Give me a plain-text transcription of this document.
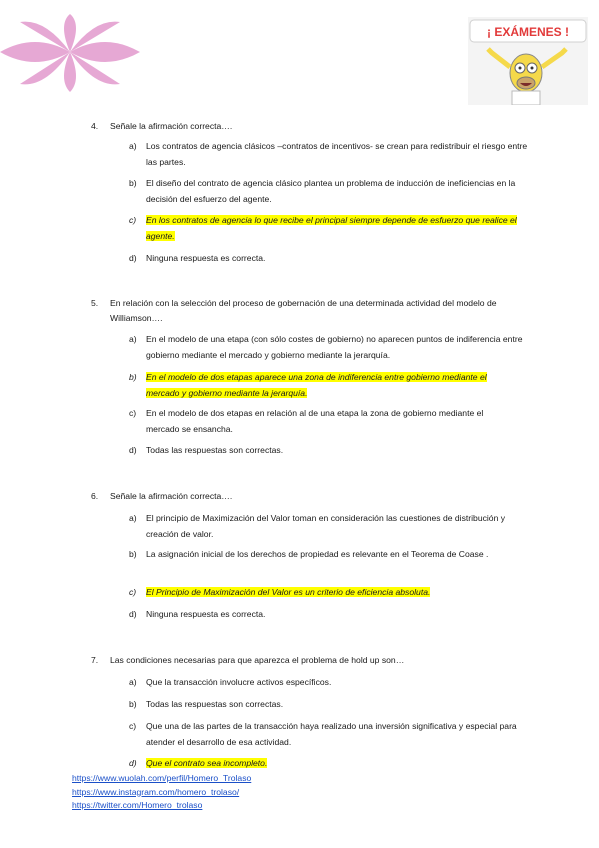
¡ EXÁMENES !
4. Señale la afirmación correcta….
a) Los contratos de agencia clásicos –contratos de incentivos- se crean para redistribuir el riesgo entre las partes.
b) El diseño del contrato de agencia clásico plantea un problema de inducción de ineficiencias en la decisión del esfuerzo del agente.
c) En los contratos de agencia lo que recibe el principal siempre depende de esfuerzo que realice el agente.
d) Ninguna respuesta es correcta.
5. En relación con la selección del proceso de gobernación de una determinada actividad del modelo de Williamson….
a) En el modelo de una etapa (con sólo costes de gobierno) no aparecen puntos de indiferencia entre gobierno mediante el mercado y gobierno mediante la jerarquía.
b) En el modelo de dos etapas aparece una zona de indiferencia entre gobierno mediante el mercado y gobierno mediante la jerarquía.
c) En el modelo de dos etapas en relación al de una etapa la zona de gobierno mediante el mercado se ensancha.
d) Todas las respuestas son correctas.
6. Señale la afirmación correcta….
a) El principio de Maximización del Valor toman en consideración las cuestiones de distribución y creación de valor.
b) La asignación inicial de los derechos de propiedad es relevante en el Teorema de Coase .
c) El Principio de Maximización del Valor es un criterio de eficiencia absoluta.
d) Ninguna respuesta es correcta.
7. Las condiciones necesarias para que aparezca el problema de hold up son…
a) Que la transacción involucre activos específicos.
b) Todas las respuestas son correctas.
c) Que una de las partes de la transacción haya realizado una inversión significativa y especial para atender el desarrollo de esa actividad.
d) Que el contrato sea incompleto.
https://www.wuolah.com/perfil/Homero_Trolaso
https://www.instagram.com/homero_trolaso/
https://twitter.com/Homero_trolaso
